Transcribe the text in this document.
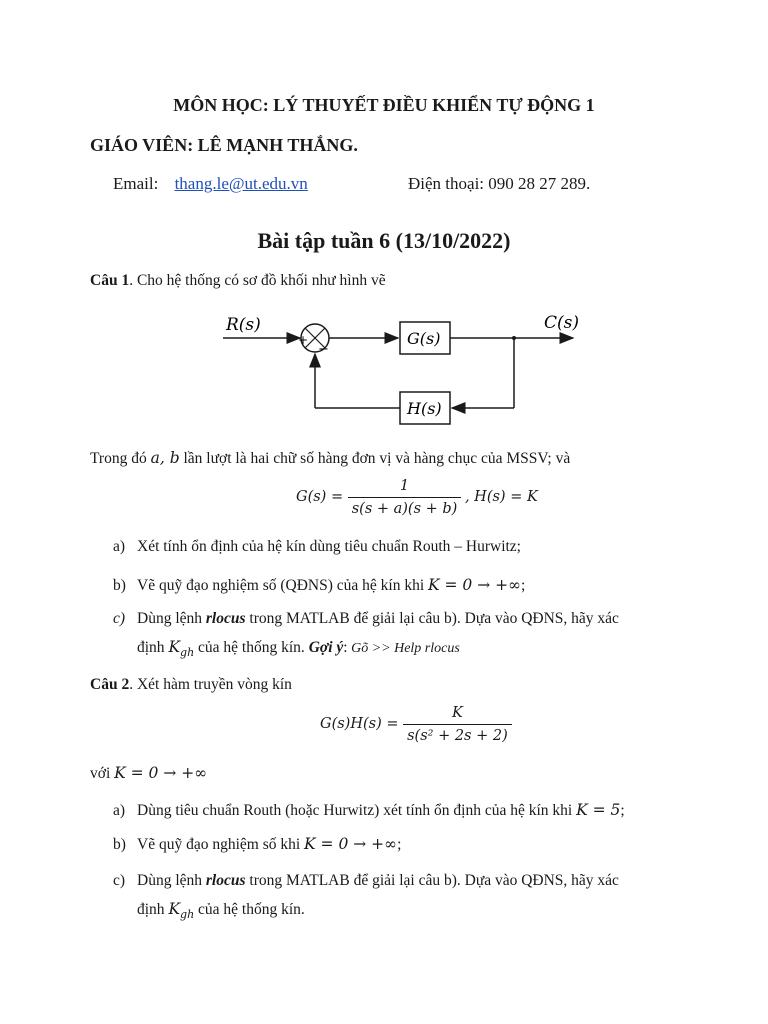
MÔN HỌC: LÝ THUYẾT ĐIỀU KHIỂN TỰ ĐỘNG 1
GIÁO VIÊN: LÊ MẠNH THẮNG.
Email: thang.le@ut.edu.vn	Điện thoại: 090 28 27 289.
Bài tập tuần 6 (13/10/2022)
Câu 1. Cho hệ thống có sơ đồ khối như hình vẽ
R(s)
+
−
G(s)
C(s)
H(s)
Trong đó a, b lần lượt là hai chữ số hàng đơn vị và hàng chục của MSSV; và
$G(s) = \frac{1}{s(s + a)(s + b)}$ , H(s) = K
a) Xét tính ổn định của hệ kín dùng tiêu chuẩn Routh – Hurwitz;
b) Vẽ quỹ đạo nghiệm số (QĐNS) của hệ kín khi K = 0 → +∞;
c) Dùng lệnh rlocus trong MATLAB để giải lại câu b). Dựa vào QĐNS, hãy xác
định $K_{gh}$ của hệ thống kín. Gợi ý: Gõ >> Help rlocus
Câu 2. Xét hàm truyền vòng kín
$G(s)H(s) = \frac{K}{\text{s(s² + 2s + 2)}}$
với K = 0 → +∞
a) Dùng tiêu chuẩn Routh (hoặc Hurwitz) xét tính ổn định của hệ kín khi K = 5;
b) Vẽ quỹ đạo nghiệm số khi K = 0 → +∞;
c) Dùng lệnh rlocus trong MATLAB để giải lại câu b). Dựa vào QĐNS, hãy xác
định $K_{gh}$ của hệ thống kín.
